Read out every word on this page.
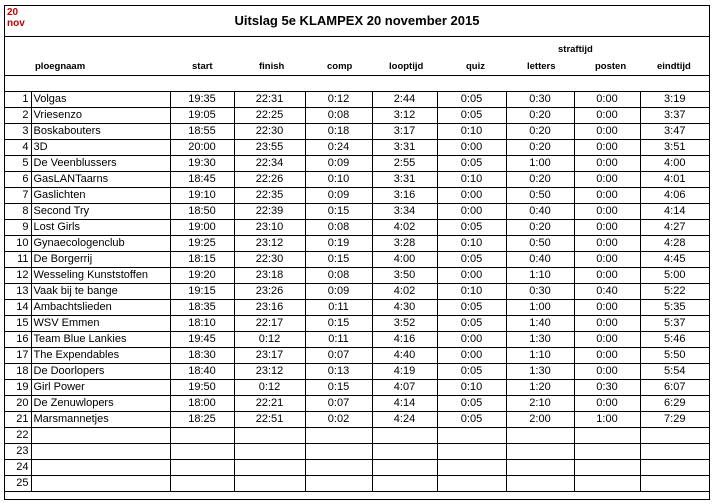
20
nov	Uitslag 5e KLAMPEX 20 november 2015
straftijd
ploegnaam	start	finish	comp	looptijd	quiz	letters	posten	eindtijd
1	Volgas	19:35	22:31	0:12	2:44	0:05	0:30	0:00	3:19
2	Vriesenzo	19:05	22:25	0:08	3:12	0:05	0:20	0:00	3:37
3	Boskabouters	18:55	22:30	0:18	3:17	0:10	0:20	0:00	3:47
4	3D	20:00	23:55	0:24	3:31	0:00	0:20	0:00	3:51
5	De Veenblussers	19:30	22:34	0:09	2:55	0:05	1:00	0:00	4:00
6	GasLANTaarns	18:45	22:26	0:10	3:31	0:10	0:20	0:00	4:01
7	Gaslichten	19:10	22:35	0:09	3:16	0:00	0:50	0:00	4:06
8	Second Try	18:50	22:39	0:15	3:34	0:00	0:40	0:00	4:14
9	Lost Girls	19:00	23:10	0:08	4:02	0:05	0:20	0:00	4:27
10	Gynaecologenclub	19:25	23:12	0:19	3:28	0:10	0:50	0:00	4:28
11	De Borgerrij	18:15	22:30	0:15	4:00	0:05	0:40	0:00	4:45
12	Wesseling Kunststoffen	19:20	23:18	0:08	3:50	0:00	1:10	0:00	5:00
13	Vaak bij te bange	19:15	23:26	0:09	4:02	0:10	0:30	0:40	5:22
14	Ambachtslieden	18:35	23:16	0:11	4:30	0:05	1:00	0:00	5:35
15	WSV Emmen	18:10	22:17	0:15	3:52	0:05	1:40	0:00	5:37
16	Team Blue Lankies	19:45	0:12	0:11	4:16	0:00	1:30	0:00	5:46
17	The Expendables	18:30	23:17	0:07	4:40	0:00	1:10	0:00	5:50
18	De Doorlopers	18:40	23:12	0:13	4:19	0:05	1:30	0:00	5:54
19	Girl Power	19:50	0:12	0:15	4:07	0:10	1:20	0:30	6:07
20	De Zenuwlopers	18:00	22:21	0:07	4:14	0:05	2:10	0:00	6:29
21	Marsmannetjes	18:25	22:51	0:02	4:24	0:05	2:00	1:00	7:29
22									
23									
24									
25									
